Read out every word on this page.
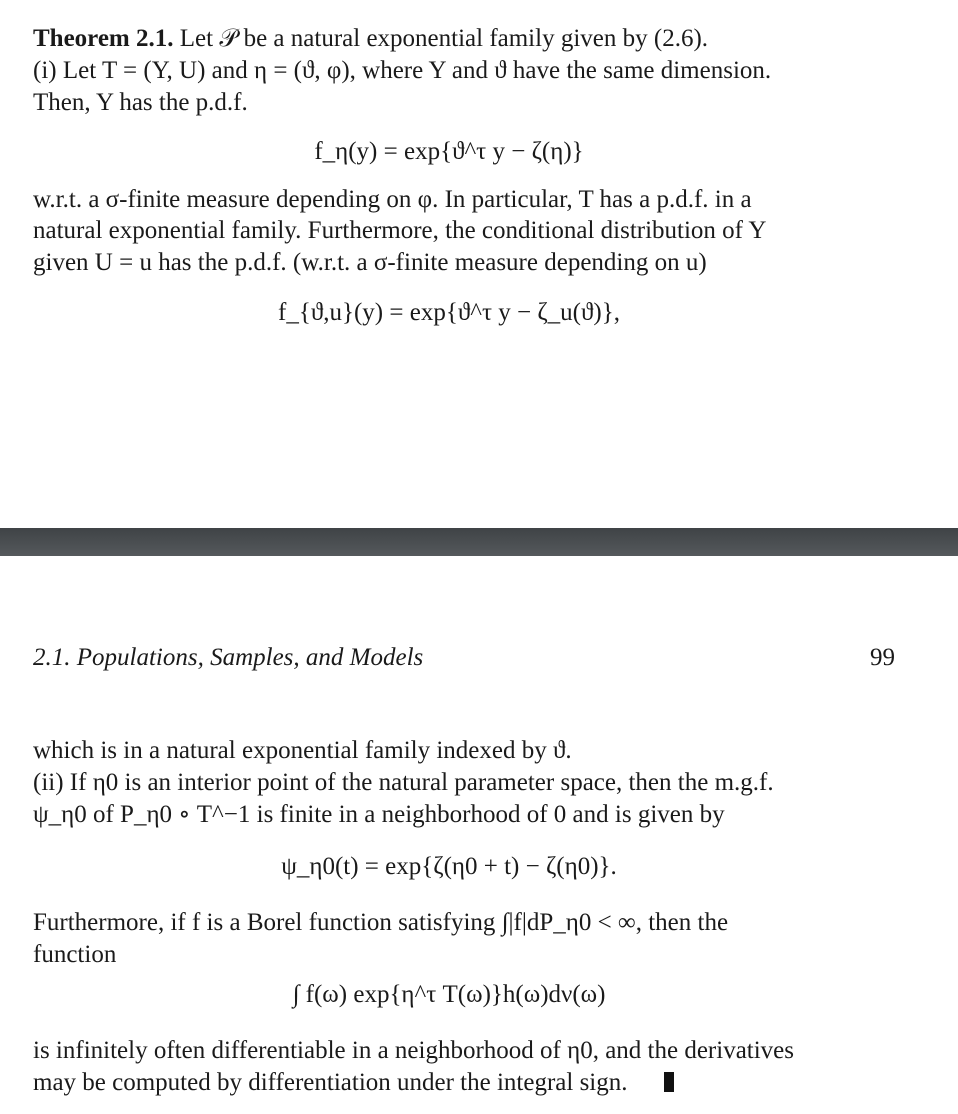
Theorem 2.1. Let 𝒫 be a natural exponential family given by (2.6).
(i) Let T = (Y, U) and η = (ϑ, φ), where Y and ϑ have the same dimension.
Then, Y has the p.d.f.
f_η(y) = exp{ϑ^τ y − ζ(η)}
w.r.t. a σ-finite measure depending on φ. In particular, T has a p.d.f. in a
natural exponential family. Furthermore, the conditional distribution of Y
given U = u has the p.d.f. (w.r.t. a σ-finite measure depending on u)
f_{ϑ,u}(y) = exp{ϑ^τ y − ζ_u(ϑ)},
2.1. Populations, Samples, and Models	99
which is in a natural exponential family indexed by ϑ.
(ii) If η0 is an interior point of the natural parameter space, then the m.g.f.
ψ_η0 of P_η0 ∘ T^−1 is finite in a neighborhood of 0 and is given by
ψ_η0(t) = exp{ζ(η0 + t) − ζ(η0)}.
Furthermore, if f is a Borel function satisfying ∫|f|dP_η0 < ∞, then the
function
∫ f(ω) exp{η^τ T(ω)}h(ω)dν(ω)
is infinitely often differentiable in a neighborhood of η0, and the derivatives
may be computed by differentiation under the integral sign.
